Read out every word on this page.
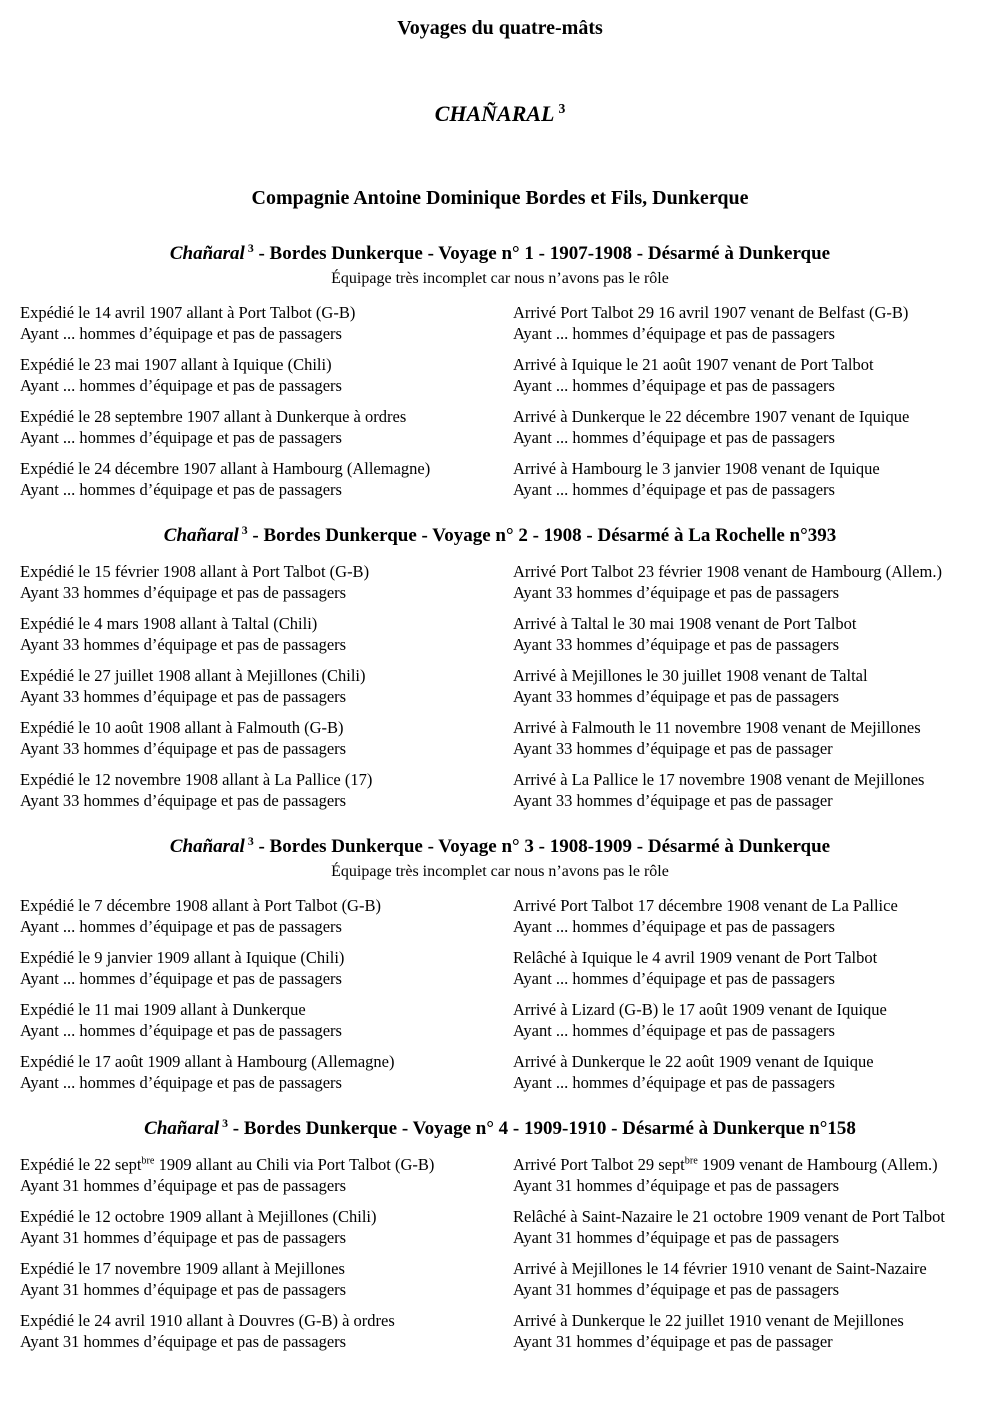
Voyages du quatre-mâts
CHAÑARAL $^3$
Compagnie Antoine Dominique Bordes et Fils, Dunkerque
Chañaral $^3$ - Bordes Dunkerque - Voyage n° 1 - 1907-1908 - Désarmé à Dunkerque

Équipage très incomplet car nous n’avons pas le rôle

Expédié le 14 avril 1907 allant à Port Talbot (G-B)

Ayant ... hommes d’équipage et pas de passagers

Arrivé Port Talbot 29 16 avril 1907 venant de Belfast (G-B)

Ayant ... hommes d’équipage et pas de passagers

Expédié le 23 mai 1907 allant à Iquique (Chili)

Ayant ... hommes d’équipage et pas de passagers

Arrivé à Iquique le 21 août 1907 venant de Port Talbot

Ayant ... hommes d’équipage et pas de passagers

Expédié le 28 septembre 1907 allant à Dunkerque à ordres

Ayant ... hommes d’équipage et pas de passagers

Arrivé à Dunkerque le 22 décembre 1907 venant de Iquique

Ayant ... hommes d’équipage et pas de passagers

Expédié le 24 décembre 1907 allant à Hambourg (Allemagne)

Ayant ... hommes d’équipage et pas de passagers

Arrivé à Hambourg le 3 janvier 1908 venant de Iquique

Ayant ... hommes d’équipage et pas de passagers

Chañaral $^3$ - Bordes Dunkerque - Voyage n° 2 - 1908 - Désarmé à La Rochelle n°393

Expédié le 15 février 1908 allant à Port Talbot (G-B)

Ayant 33 hommes d’équipage et pas de passagers

Arrivé Port Talbot 23 février 1908 venant de Hambourg (Allem.)

Ayant 33 hommes d’équipage et pas de passagers

Expédié le 4 mars 1908 allant à Taltal (Chili)

Ayant 33 hommes d’équipage et pas de passagers

Arrivé à Taltal le 30 mai 1908 venant de Port Talbot

Ayant 33 hommes d’équipage et pas de passagers

Expédié le 27 juillet 1908 allant à Mejillones (Chili)

Ayant 33 hommes d’équipage et pas de passagers

Arrivé à Mejillones le 30 juillet 1908 venant de Taltal

Ayant 33 hommes d’équipage et pas de passagers

Expédié le 10 août 1908 allant à Falmouth (G-B)

Ayant 33 hommes d’équipage et pas de passagers

Arrivé à Falmouth le 11 novembre 1908 venant de Mejillones

Ayant 33 hommes d’équipage et pas de passager

Expédié le 12 novembre 1908 allant à La Pallice (17)

Ayant 33 hommes d’équipage et pas de passagers

Arrivé à La Pallice le 17 novembre 1908 venant de Mejillones

Ayant 33 hommes d’équipage et pas de passager

Chañaral $^3$ - Bordes Dunkerque - Voyage n° 3 - 1908-1909 - Désarmé à Dunkerque

Équipage très incomplet car nous n’avons pas le rôle

Expédié le 7 décembre 1908 allant à Port Talbot (G-B)

Ayant ... hommes d’équipage et pas de passagers

Arrivé Port Talbot 17 décembre 1908 venant de La Pallice

Ayant ... hommes d’équipage et pas de passagers

Expédié le 9 janvier 1909 allant à Iquique (Chili)

Ayant ... hommes d’équipage et pas de passagers

Relâché à Iquique le 4 avril 1909 venant de Port Talbot

Ayant ... hommes d’équipage et pas de passagers

Expédié le 11 mai 1909 allant à Dunkerque

Ayant ... hommes d’équipage et pas de passagers

Arrivé à Lizard (G-B) le 17 août 1909 venant de Iquique

Ayant ... hommes d’équipage et pas de passagers

Expédié le 17 août 1909 allant à Hambourg (Allemagne)

Ayant ... hommes d’équipage et pas de passagers

Arrivé à Dunkerque le 22 août 1909 venant de Iquique

Ayant ... hommes d’équipage et pas de passagers

Chañaral $^3$ - Bordes Dunkerque - Voyage n° 4 - 1909-1910 - Désarmé à Dunkerque n°158

Expédié le 22 sept$^{bre}$ 1909 allant au Chili via Port Talbot (G-B)

Ayant 31 hommes d’équipage et pas de passagers

Arrivé Port Talbot 29 sept$^{bre}$ 1909 venant de Hambourg (Allem.)

Ayant 31 hommes d’équipage et pas de passagers

Expédié le 12 octobre 1909 allant à Mejillones (Chili)

Ayant 31 hommes d’équipage et pas de passagers

Relâché à Saint-Nazaire le 21 octobre 1909 venant de Port Talbot

Ayant 31 hommes d’équipage et pas de passagers

Expédié le 17 novembre 1909 allant à Mejillones

Ayant 31 hommes d’équipage et pas de passagers

Arrivé à Mejillones le 14 février 1910 venant de Saint-Nazaire

Ayant 31 hommes d’équipage et pas de passagers

Expédié le 24 avril 1910 allant à Douvres (G-B) à ordres

Ayant 31 hommes d’équipage et pas de passagers

Arrivé à Dunkerque le 22 juillet 1910 venant de Mejillones

Ayant 31 hommes d’équipage et pas de passager
